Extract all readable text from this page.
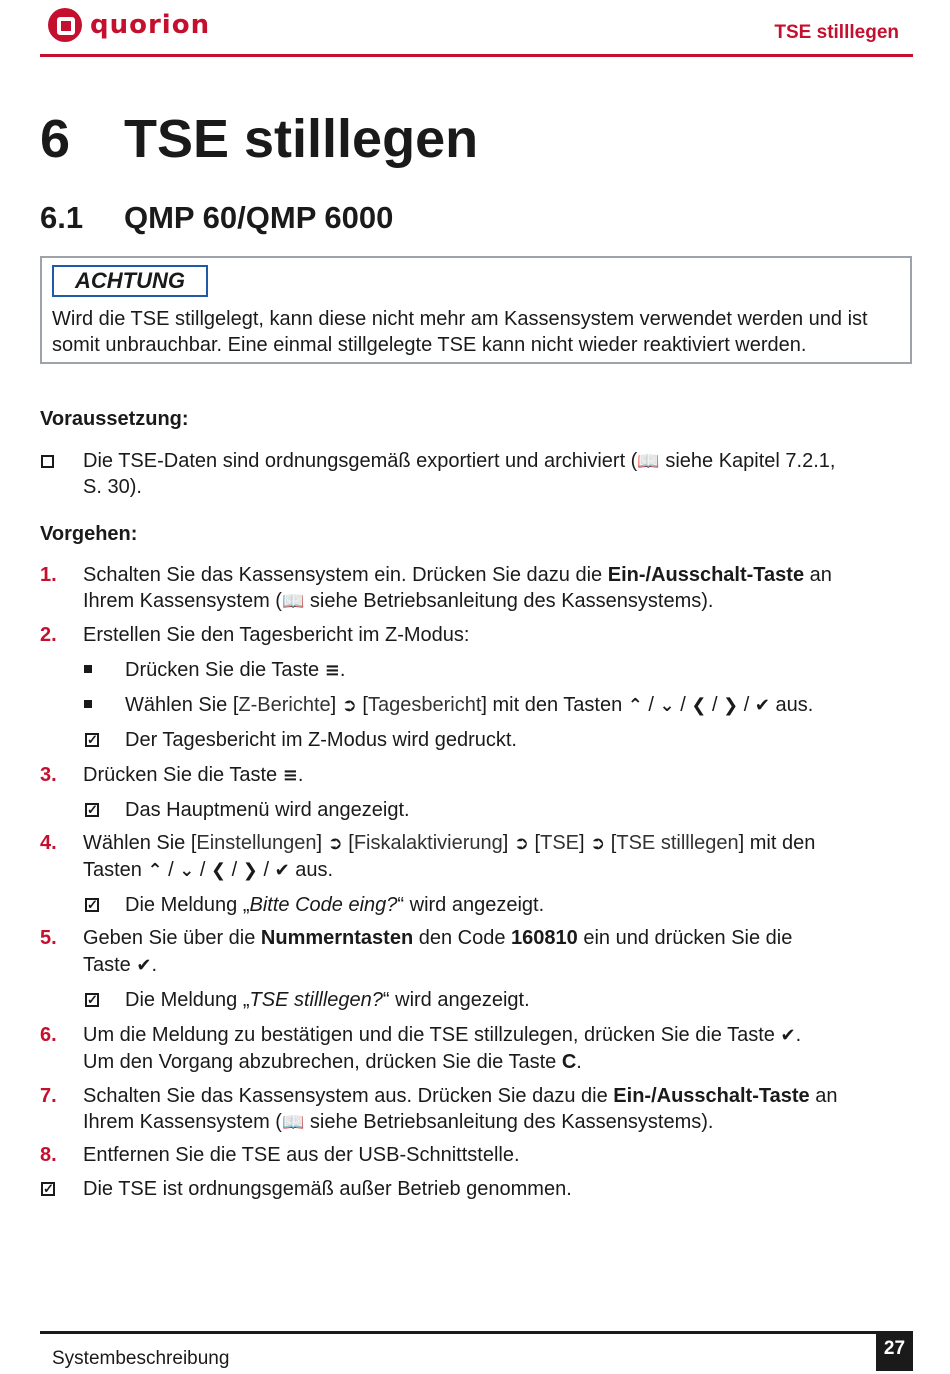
quorion	TSE stilllegen
6 TSE stilllegen
6.1 QMP 60/QMP 6000
ACHTUNG
Wird die TSE stillgelegt, kann diese nicht mehr am Kassensystem verwendet werden und ist somit unbrauchbar. Eine einmal stillgelegte TSE kann nicht wieder reaktiviert werden.
Voraussetzung:
Die TSE-Daten sind ordnungsgemäß exportiert und archiviert (📖 siehe Kapitel 7.2.1,
S. 30).
Vorgehen:
1. Schalten Sie das Kassensystem ein. Drücken Sie dazu die Ein-/Ausschalt-Taste an
Ihrem Kassensystem (📖 siehe Betriebsanleitung des Kassensystems).
2. Erstellen Sie den Tagesbericht im Z-Modus:
Drücken Sie die Taste ≡.
Wählen Sie [Z-Berichte] ➲ [Tagesbericht] mit den Tasten ⌃ / ⌄ / ❮ / ❯ / ✔ aus.
✓ Der Tagesbericht im Z-Modus wird gedruckt.
3. Drücken Sie die Taste ≡.
✓ Das Hauptmenü wird angezeigt.
4. Wählen Sie [Einstellungen] ➲ [Fiskalaktivierung] ➲ [TSE] ➲ [TSE stilllegen] mit den
Tasten ⌃ / ⌄ / ❮ / ❯ / ✔ aus.
✓ Die Meldung „Bitte Code eing?“ wird angezeigt.
5. Geben Sie über die Nummerntasten den Code 160810 ein und drücken Sie die
Taste ✔.
✓ Die Meldung „TSE stilllegen?“ wird angezeigt.
6. Um die Meldung zu bestätigen und die TSE stillzulegen, drücken Sie die Taste ✔.
Um den Vorgang abzubrechen, drücken Sie die Taste C.
7. Schalten Sie das Kassensystem aus. Drücken Sie dazu die Ein-/Ausschalt-Taste an
Ihrem Kassensystem (📖 siehe Betriebsanleitung des Kassensystems).
8. Entfernen Sie die TSE aus der USB-Schnittstelle.
✓ Die TSE ist ordnungsgemäß außer Betrieb genommen.
Systembeschreibung	27
